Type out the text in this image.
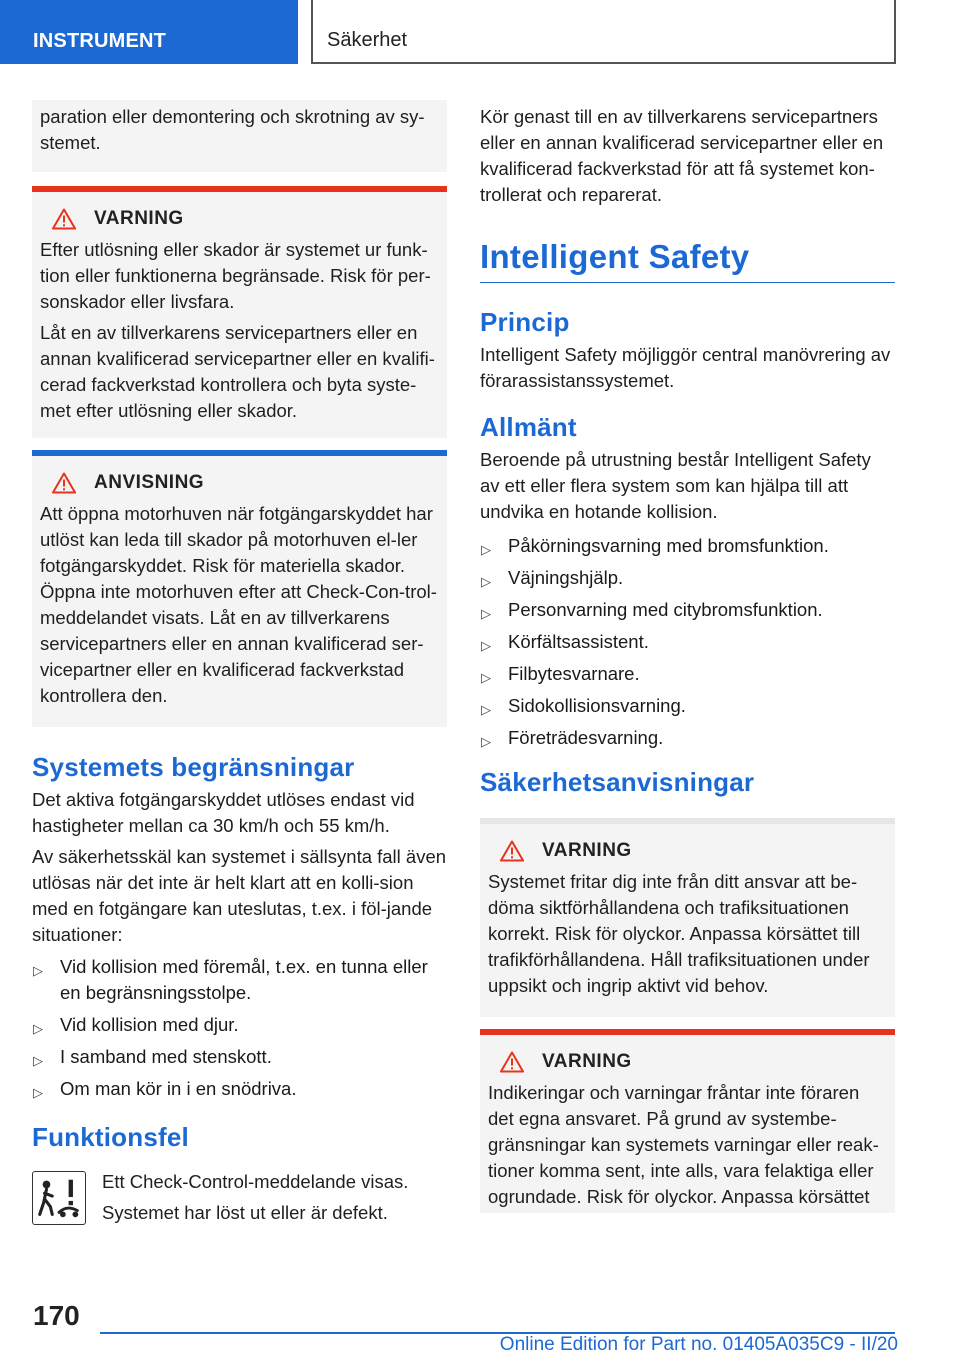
INSTRUMENT	Säkerhet

paration eller demontering och skrotning av sy-stemet.

VARNING

Efter utlösning eller skador är systemet ur funk-tion eller funktionerna begränsade. Risk för per-sonskador eller livsfara.

Låt en av tillverkarens servicepartners eller en annan kvalificerad servicepartner eller en kvalifi-cerad fackverkstad kontrollera och byta syste-met efter utlösning eller skador.

ANVISNING

Att öppna motorhuven när fotgängarskyddet har utlöst kan leda till skador på motorhuven el-ler fotgängarskyddet. Risk för materiella skador. Öppna inte motorhuven efter att Check-Con-trol-meddelandet visats. Låt en av tillverkarens servicepartners eller en annan kvalificerad ser-vicepartner eller en kvalificerad fackverkstad kontrollera den.

Systemets begränsningar

Det aktiva fotgängarskyddet utlöses endast vid hastigheter mellan ca 30 km/h och 55 km/h.

Av säkerhetsskäl kan systemet i sällsynta fall även utlösas när det inte är helt klart att en kolli-sion med en fotgängare kan uteslutas, t.ex. i föl-jande situationer:

▷ Vid kollision med föremål, t.ex. en tunna eller en begränsningsstolpe.
▷ Vid kollision med djur.
▷ I samband med stenskott.
▷ Om man kör in i en snödriva.
Funktionsfel

Ett Check-Control-meddelande visas.

Systemet har löst ut eller är defekt.

Kör genast till en av tillverkarens servicepartners eller en annan kvalificerad servicepartner eller en kvalificerad fackverkstad för att få systemet kon-trollerat och reparerat.

Intelligent Safety
Princip

Intelligent Safety möjliggör central manövrering av förarassistanssystemet.

Allmänt

Beroende på utrustning består Intelligent Safety av ett eller flera system som kan hjälpa till att undvika en hotande kollision.

▷ Påkörningsvarning med bromsfunktion.
▷ Väjningshjälp.
▷ Personvarning med citybromsfunktion.
▷ Körfältsassistent.
▷ Filbytesvarnare.
▷ Sidokollisionsvarning.
▷ Företrädesvarning.
Säkerhetsanvisningar
VARNING

Systemet fritar dig inte från ditt ansvar att be-döma siktförhållandena och trafiksituationen korrekt. Risk för olyckor. Anpassa körsättet till trafikförhållandena. Håll trafiksituationen under uppsikt och ingrip aktivt vid behov.

VARNING

Indikeringar och varningar fråntar inte föraren det egna ansvaret. På grund av systembe-gränsningar kan systemets varningar eller reak-tioner komma sent, inte alls, vara felaktiga eller ogrundade. Risk för olyckor. Anpassa körsättet

170
Online Edition for Part no. 01405A035C9 - II/20
